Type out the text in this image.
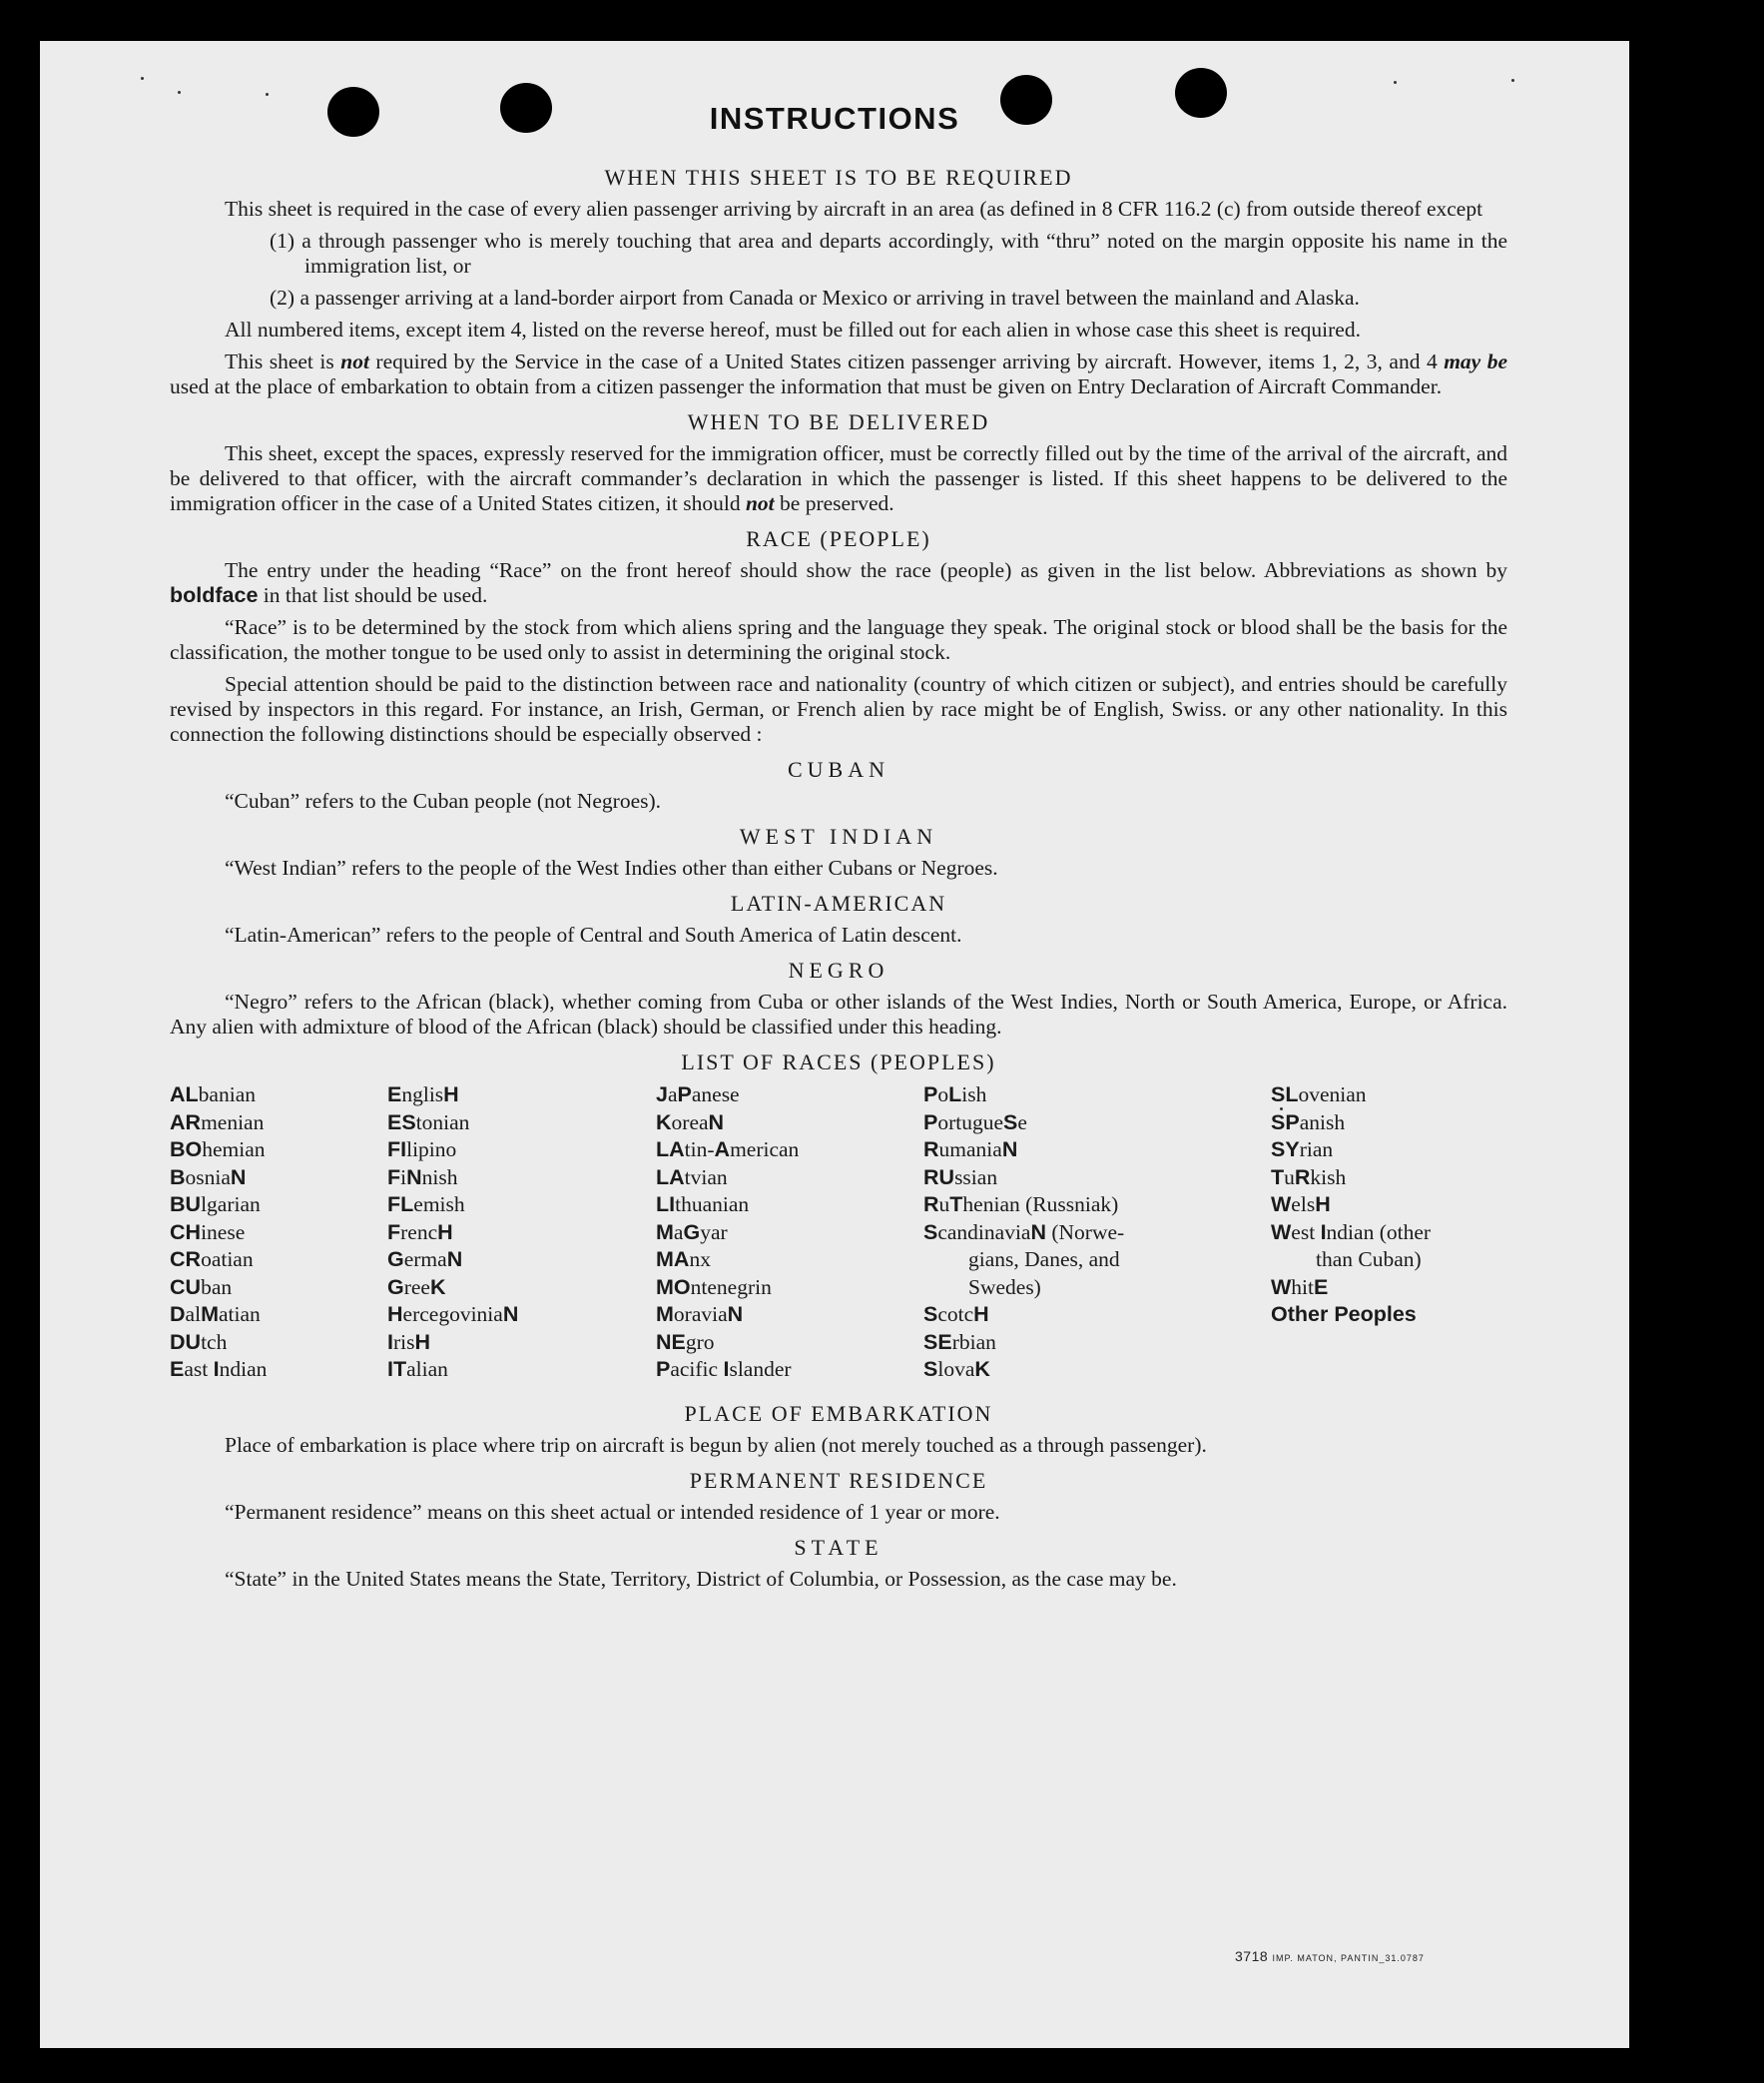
INSTRUCTIONS
WHEN THIS SHEET IS TO BE REQUIRED

This sheet is required in the case of every alien passenger arriving by aircraft in an area (as defined in 8 CFR 116.2 (c) from outside thereof except

(1) a through passenger who is merely touching that area and departs accordingly, with “thru” noted on the margin opposite his name in the immigration list, or
(2) a passenger arriving at a land-border airport from Canada or Mexico or arriving in travel between the mainland and Alaska.

All numbered items, except item 4, listed on the reverse hereof, must be filled out for each alien in whose case this sheet is required.

This sheet is not required by the Service in the case of a United States citizen passenger arriving by aircraft. However, items 1, 2, 3, and 4 may be used at the place of embarkation to obtain from a citizen passenger the information that must be given on Entry Declaration of Aircraft Commander.

WHEN TO BE DELIVERED

This sheet, except the spaces, expressly reserved for the immigration officer, must be correctly filled out by the time of the arrival of the aircraft, and be delivered to that officer, with the aircraft commander’s declaration in which the passenger is listed. If this sheet happens to be delivered to the immigration officer in the case of a United States citizen, it should not be preserved.

RACE (PEOPLE)

The entry under the heading “Race” on the front hereof should show the race (people) as given in the list below. Abbreviations as shown by boldface in that list should be used.

“Race” is to be determined by the stock from which aliens spring and the language they speak. The original stock or blood shall be the basis for the classification, the mother tongue to be used only to assist in determining the original stock.

Special attention should be paid to the distinction between race and nationality (country of which citizen or subject), and entries should be carefully revised by inspectors in this regard. For instance, an Irish, German, or French alien by race might be of English, Swiss. or any other nationality. In this connection the following distinctions should be especially observed :

CUBAN

“Cuban” refers to the Cuban people (not Negroes).

WEST INDIAN

“West Indian” refers to the people of the West Indies other than either Cubans or Negroes.

LATIN-AMERICAN

“Latin-American” refers to the people of Central and South America of Latin descent.

NEGRO

“Negro” refers to the African (black), whether coming from Cuba or other islands of the West Indies, North or South America, Europe, or Africa. Any alien with admixture of blood of the African (black) should be classified under this heading.

LIST OF RACES (PEOPLES)
ALbanian
ARmenian
BOhemian
BosniaN
BUlgarian
CHinese
CRoatian
CUban
DalMatian
DUtch
East Indian
EnglisH
EStonian
FIlipino
FiNnish
FLemish
FrencH
GermaN
GreeK
HercegoviniaN
IrisH
ITalian
JaPanese
KoreaN
LAtin-American
LAtvian
LIthuanian
MaGyar
MAnx
MOntenegrin
MoraviaN
NEgro
Pacific Islander
PoLish
PortugueSe
RumaniaN
RUssian
RuThenian (Russniak)
ScandinaviaN (Norwe-
gians, Danes, and
Swedes)
ScotcH
SErbian
SlovaK
SLovenian
SPanish
SYrian
TuRkish
WelsH
West Indian (other
than Cuban)
WhitE
Other Peoples
PLACE OF EMBARKATION

Place of embarkation is place where trip on aircraft is begun by alien (not merely touched as a through passenger).

PERMANENT RESIDENCE

“Permanent residence” means on this sheet actual or intended residence of 1 year or more.

STATE

“State” in the United States means the State, Territory, District of Columbia, or Possession, as the case may be.

3718 IMP. MATON, PANTIN_31.0787
